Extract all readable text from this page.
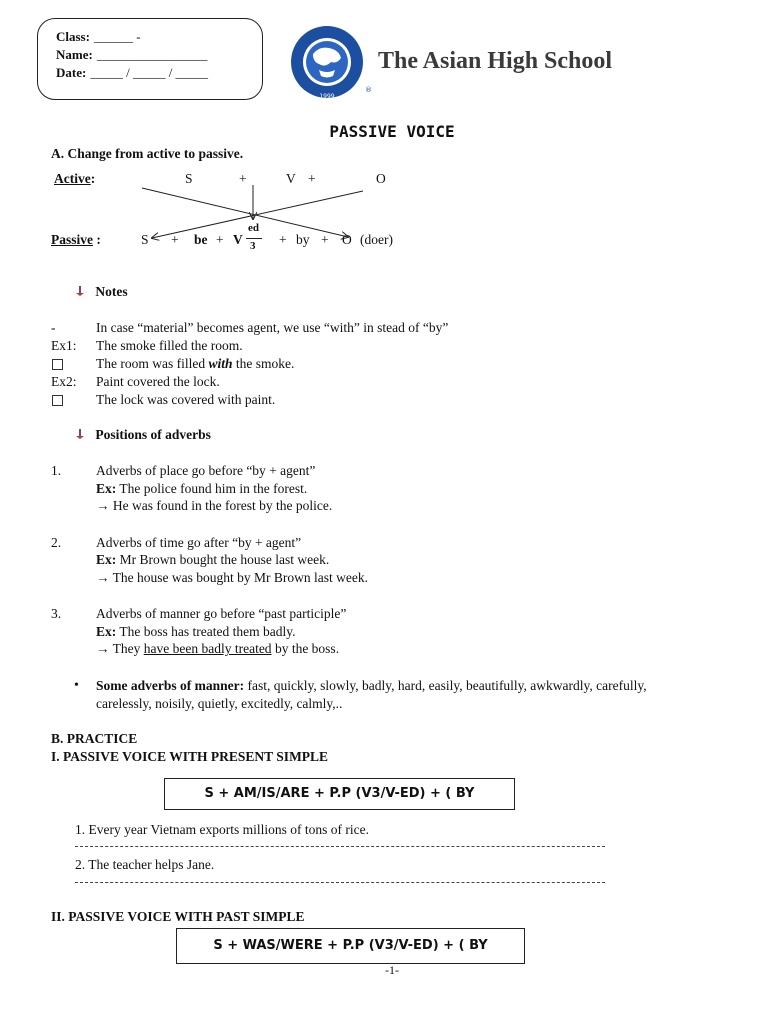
Class: ______ -
Name: _________________
Date: _____ / _____ / _____
1999
®
The Asian High School
PASSIVE VOICE
A. Change from active to passive.
Active:	S	+	V +	O
Passive :	S + be + V
ed
3 + by + O (doer)
Notes
-	In case “material” becomes agent, we use “with” in stead of “by”
Ex1: The smoke filled the room.
The room was filled with the smoke.
Ex2: Paint covered the lock.
The lock was covered with paint.
Positions of adverbs
1.	Adverbs of place go before “by + agent”
Ex: The police found him in the forest.
→ He was found in the forest by the police.
2.	Adverbs of time go after “by + agent”
Ex: Mr Brown bought the house last week.
→ The house was bought by Mr Brown last week.
3.	Adverbs of manner go before “past participle”
Ex: The boss has treated them badly.
→ They have been badly treated by the boss.
• Some adverbs of manner: fast, quickly, slowly, badly, hard, easily, beautifully, awkwardly, carefully,
carelessly, noisily, quietly, excitedly, calmly,..
B. PRACTICE
I. PASSIVE VOICE WITH PRESENT SIMPLE
S + AM/IS/ARE + P.P (V3/V-ED) + ( BY
1. Every year Vietnam exports millions of tons of rice.
2. The teacher helps Jane.
II. PASSIVE VOICE WITH PAST SIMPLE
S + WAS/WERE + P.P (V3/V-ED) + ( BY
-1-
